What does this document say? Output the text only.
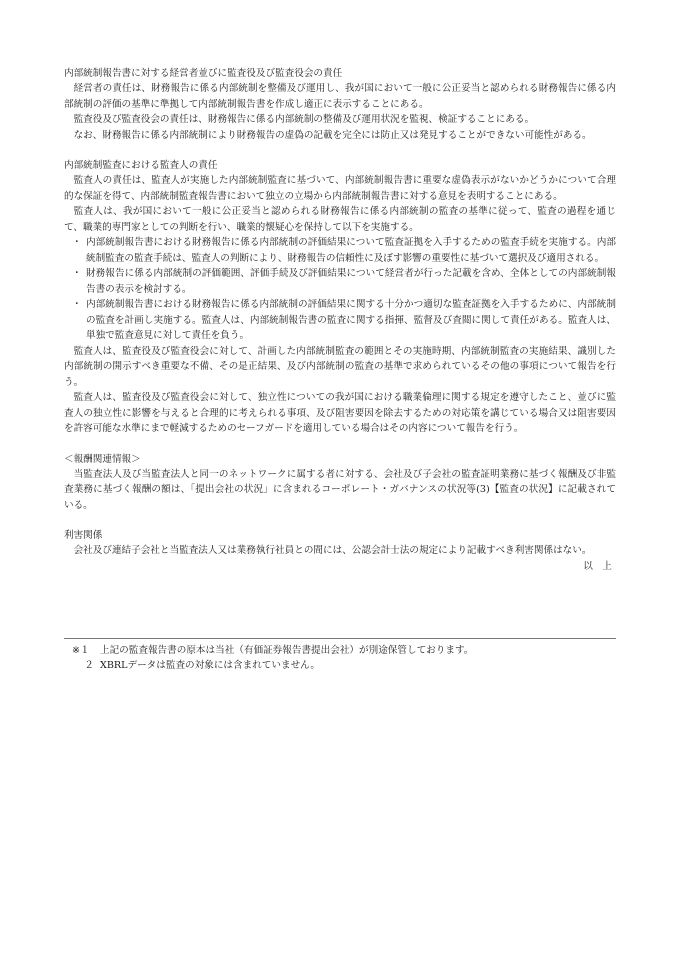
内部統制報告書に対する経営者並びに監査役及び監査役会の責任

経営者の責任は、財務報告に係る内部統制を整備及び運用し、我が国において一般に公正妥当と認められる財務報告に係る内部統制の評価の基準に準拠して内部統制報告書を作成し適正に表示することにある。

監査役及び監査役会の責任は、財務報告に係る内部統制の整備及び運用状況を監視、検証することにある。

なお、財務報告に係る内部統制により財務報告の虚偽の記載を完全には防止又は発見することができない可能性がある。

内部統制監査における監査人の責任

監査人の責任は、監査人が実施した内部統制監査に基づいて、内部統制報告書に重要な虚偽表示がないかどうかについて合理的な保証を得て、内部統制監査報告書において独立の立場から内部統制報告書に対する意見を表明することにある。

監査人は、我が国において一般に公正妥当と認められる財務報告に係る内部統制の監査の基準に従って、監査の過程を通じて、職業的専門家としての判断を行い、職業的懐疑心を保持して以下を実施する。

・ 内部統制報告書における財務報告に係る内部統制の評価結果について監査証拠を入手するための監査手続を実施する。内部統制監査の監査手続は、監査人の判断により、財務報告の信頼性に及ぼす影響の重要性に基づいて選択及び適用される。
・ 財務報告に係る内部統制の評価範囲、評価手続及び評価結果について経営者が行った記載を含め、全体としての内部統制報告書の表示を検討する。
・ 内部統制報告書における財務報告に係る内部統制の評価結果に関する十分かつ適切な監査証拠を入手するために、内部統制の監査を計画し実施する。監査人は、内部統制報告書の監査に関する指揮、監督及び査閲に関して責任がある。監査人は、単独で監査意見に対して責任を負う。

監査人は、監査役及び監査役会に対して、計画した内部統制監査の範囲とその実施時期、内部統制監査の実施結果、識別した内部統制の開示すべき重要な不備、その是正結果、及び内部統制の監査の基準で求められているその他の事項について報告を行う。

監査人は、監査役及び監査役会に対して、独立性についての我が国における職業倫理に関する規定を遵守したこと、並びに監査人の独立性に影響を与えると合理的に考えられる事項、及び阻害要因を除去するための対応策を講じている場合又は阻害要因を許容可能な水準にまで軽減するためのセーフガードを適用している場合はその内容について報告を行う。

＜報酬関連情報＞

当監査法人及び当監査法人と同一のネットワークに属する者に対する、会社及び子会社の監査証明業務に基づく報酬及び非監査業務に基づく報酬の額は、「提出会社の状況」に含まれるコーポレート・ガバナンスの状況等(3)【監査の状況】に記載されている。

利害関係

会社及び連結子会社と当監査法人又は業務執行社員との間には、公認会計士法の規定により記載すべき利害関係はない。

以　上

※１	上記の監査報告書の原本は当社（有価証券報告書提出会社）が別途保管しております。
２ XBRLデータは監査の対象には含まれていません。
